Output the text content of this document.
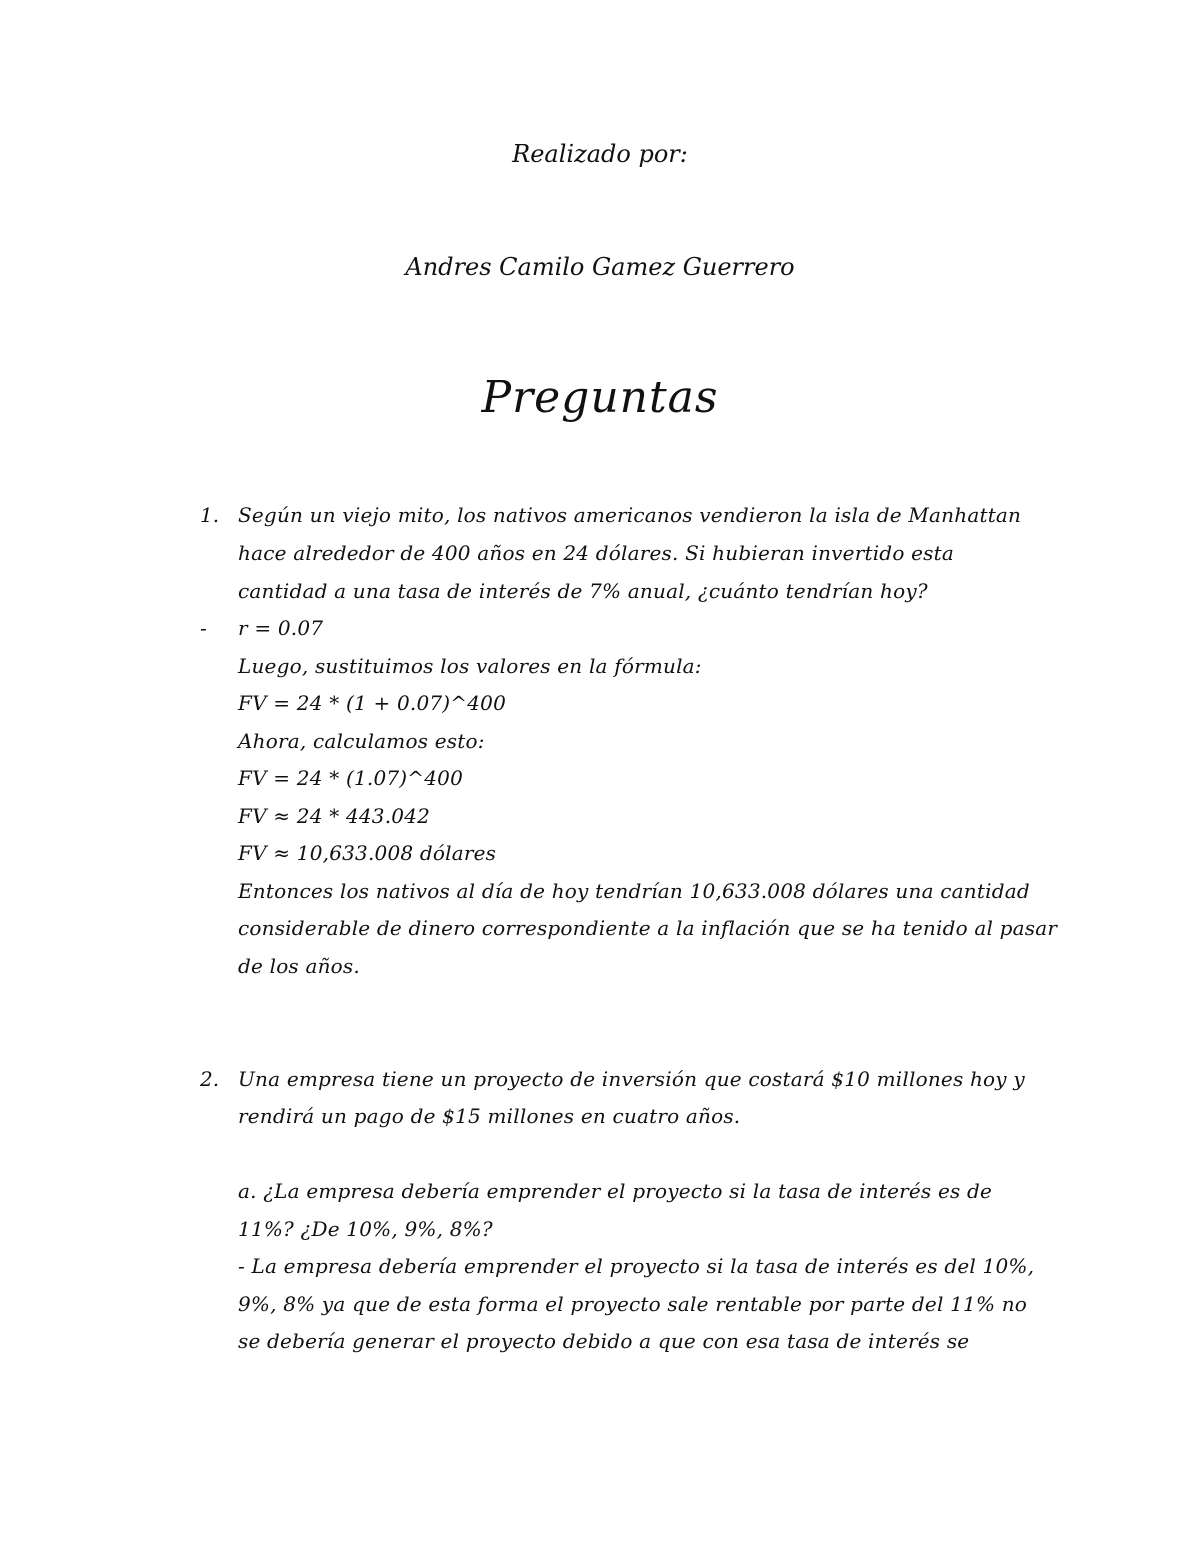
Realizado por:
Andres Camilo Gamez Guerrero
Preguntas
1. Según un viejo mito, los nativos americanos vendieron la isla de Manhattan
hace alrededor de 400 años en 24 dólares. Si hubieran invertido esta
cantidad a una tasa de interés de 7% anual, ¿cuánto tendrían hoy?
- r = 0.07
Luego, sustituimos los valores en la fórmula:
FV = 24 * (1 + 0.07)^400
Ahora, calculamos esto:
FV = 24 * (1.07)^400
FV ≈ 24 * 443.042
FV ≈ 10,633.008 dólares
Entonces los nativos al día de hoy tendrían 10,633.008 dólares una cantidad
considerable de dinero correspondiente a la inflación que se ha tenido al pasar
de los años.
2. Una empresa tiene un proyecto de inversión que costará $10 millones hoy y
rendirá un pago de $15 millones en cuatro años.
a. ¿La empresa debería emprender el proyecto si la tasa de interés es de
11%? ¿De 10%, 9%, 8%?
- La empresa debería emprender el proyecto si la tasa de interés es del 10%,
9%, 8% ya que de esta forma el proyecto sale rentable por parte del 11% no
se debería generar el proyecto debido a que con esa tasa de interés se
